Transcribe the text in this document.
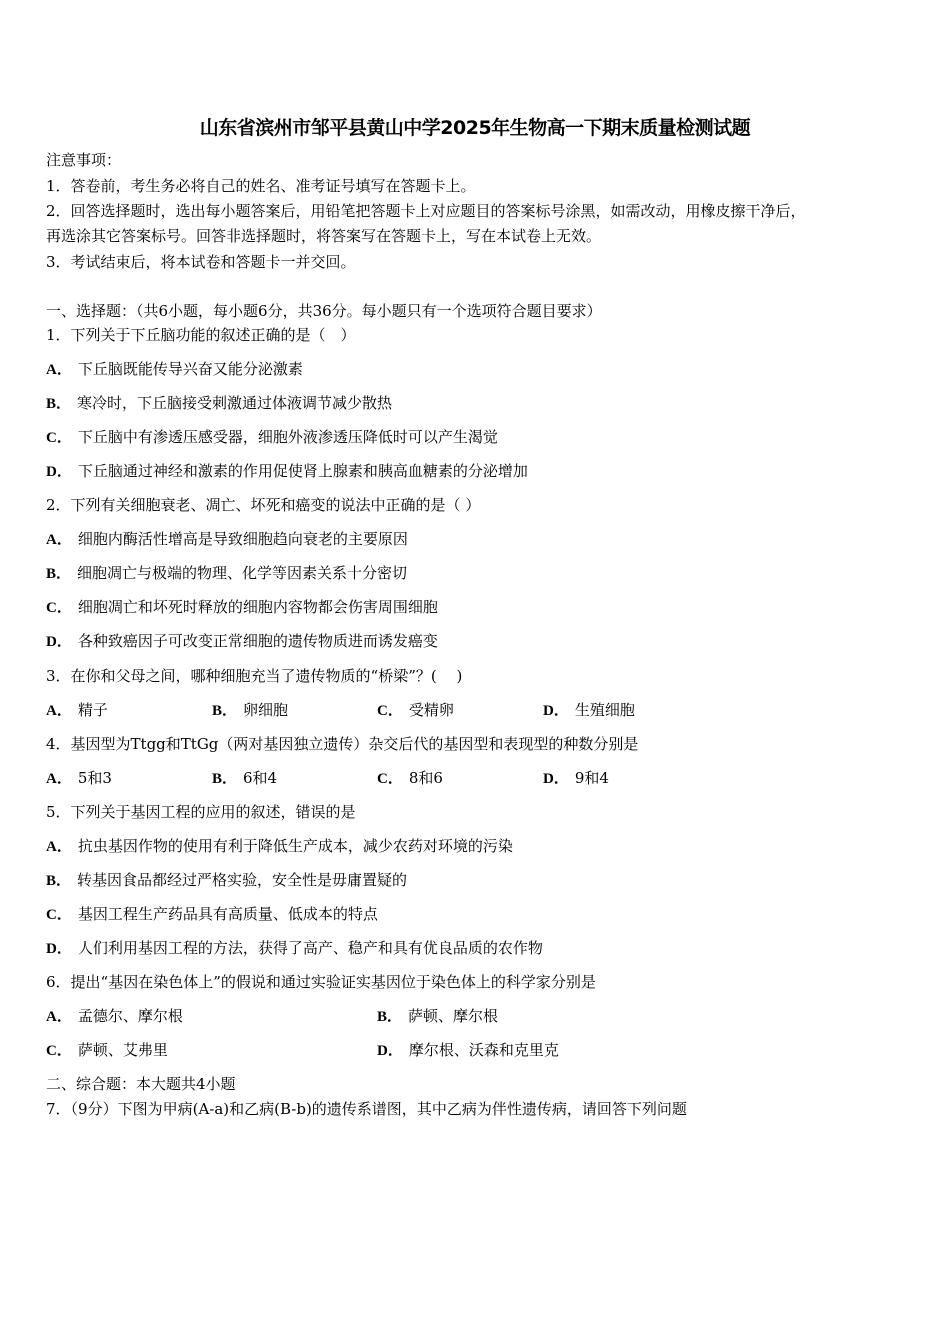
山东省滨州市邹平县黄山中学2025年生物高一下期末质量检测试题
注意事项：
1．答卷前，考生务必将自己的姓名、准考证号填写在答题卡上。
2．回答选择题时，选出每小题答案后，用铅笔把答题卡上对应题目的答案标号涂黑，如需改动，用橡皮擦干净后，
再选涂其它答案标号。回答非选择题时，将答案写在答题卡上，写在本试卷上无效。
3．考试结束后，将本试卷和答题卡一并交回。
一、选择题：（共6小题，每小题6分，共36分。每小题只有一个选项符合题目要求）
1．下列关于下丘脑功能的叙述正确的是（　）
A． 下丘脑既能传导兴奋又能分泌激素
B． 寒冷时，下丘脑接受刺激通过体液调节减少散热
C． 下丘脑中有渗透压感受器，细胞外液渗透压降低时可以产生渴觉
D． 下丘脑通过神经和激素的作用促使肾上腺素和胰高血糖素的分泌增加
2．下列有关细胞衰老、凋亡、坏死和癌变的说法中正确的是（ ）
A． 细胞内酶活性增高是导致细胞趋向衰老的主要原因
B． 细胞凋亡与极端的物理、化学等因素关系十分密切
C． 细胞凋亡和坏死时释放的细胞内容物都会伤害周围细胞
D． 各种致癌因子可改变正常细胞的遗传物质进而诱发癌变
3．在你和父母之间，哪种细胞充当了遗传物质的“桥梁”？(　 )
A． 精子	B． 卵细胞	C． 受精卵	D． 生殖细胞
4．基因型为Ttgg和TtGg（两对基因独立遗传）杂交后代的基因型和表现型的种数分别是
A． 5和3	B． 6和4	C． 8和6	D． 9和4
5．下列关于基因工程的应用的叙述，错误的是
A． 抗虫基因作物的使用有利于降低生产成本，减少农药对环境的污染
B． 转基因食品都经过严格实验，安全性是毋庸置疑的
C． 基因工程生产药品具有高质量、低成本的特点
D． 人们利用基因工程的方法，获得了高产、稳产和具有优良品质的农作物
6．提出“基因在染色体上”的假说和通过实验证实基因位于染色体上的科学家分别是
A． 孟德尔、摩尔根	B． 萨顿、摩尔根
C． 萨顿、艾弗里	D． 摩尔根、沃森和克里克
二、综合题：本大题共4小题
7．（9分）下图为甲病(A-a)和乙病(B-b)的遗传系谱图，其中乙病为伴性遗传病，请回答下列问题
